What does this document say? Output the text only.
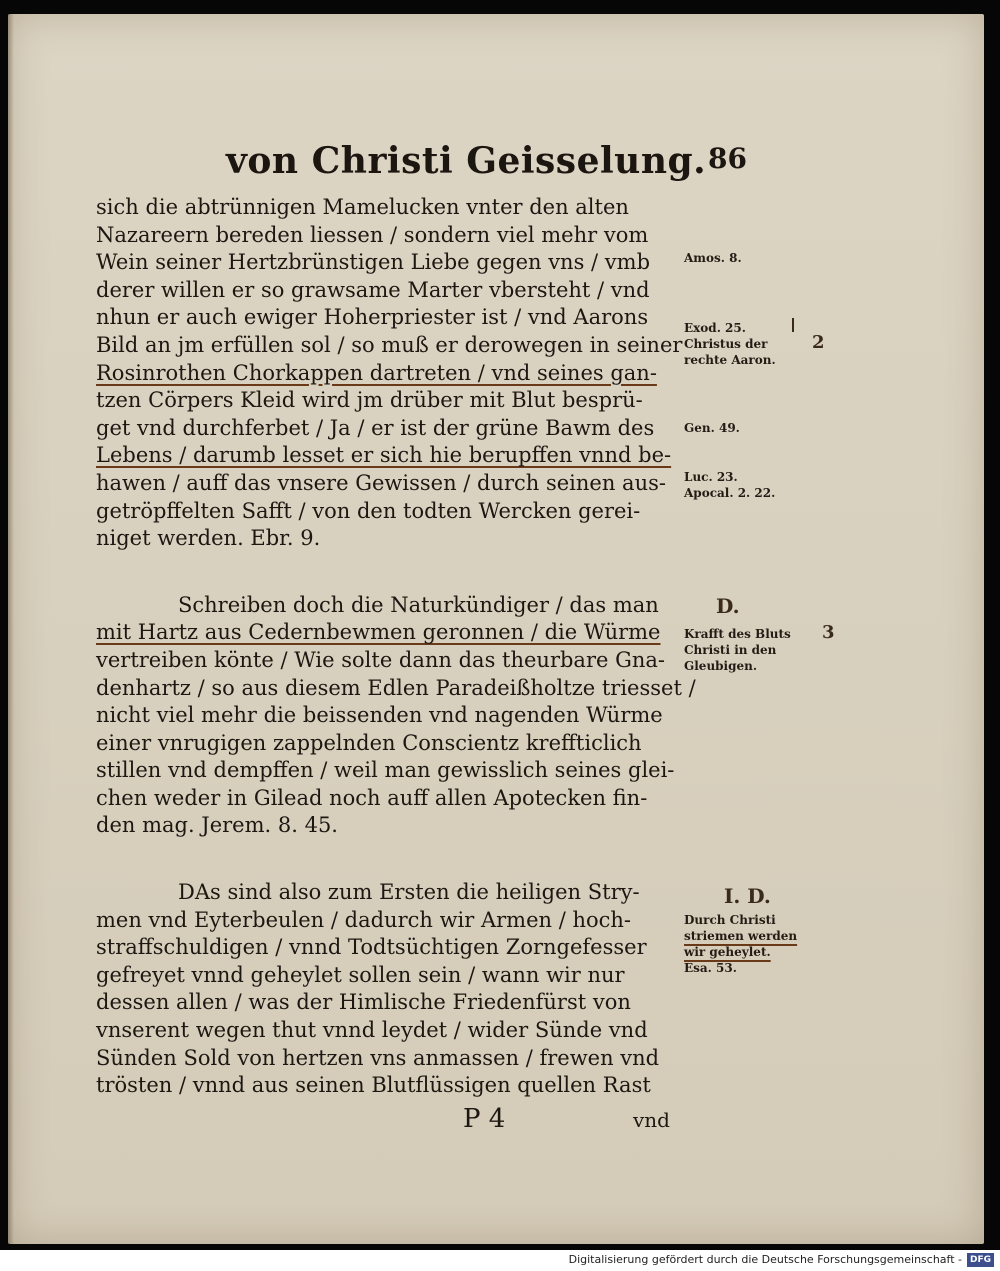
von Christi Geisselung. 86
sich die abtrünnigen Mamelucken vnter den alten
Nazareern bereden liessen / sondern viel mehr vom
Wein seiner Hertzbrünstigen Liebe gegen vns / vmb
derer willen er so grawsame Marter vbersteht / vnd
nhun er auch ewiger Hoherpriester ist / vnd Aarons
Bild an jm erfüllen sol / so muß er derowegen in seiner
Rosinrothen Chorkappen dartreten / vnd seines gan-
tzen Cörpers Kleid wird jm drüber mit Blut besprü-
get vnd durchferbet / Ja / er ist der grüne Bawm des
Lebens / darumb lesset er sich hie berupffen vnnd be-
hawen / auff das vnsere Gewissen / durch seinen aus-
getröpffelten Safft / von den todten Wercken gerei-
niget werden. Ebr. 9.
Schreiben doch die Naturkündiger / das man
mit Hartz aus Cedernbewmen geronnen / die Würme
vertreiben könte / Wie solte dann das theurbare Gna-
denhartz / so aus diesem Edlen Paradeißholtze triesset /
nicht viel mehr die beissenden vnd nagenden Würme
einer vnrugigen zappelnden Conscientz kreffticlich
stillen vnd dempffen / weil man gewisslich seines glei-
chen weder in Gilead noch auff allen Apotecken fin-
den mag. Jerem. 8. 45.
DAs sind also zum Ersten die heiligen Stry-
men vnd Eyterbeulen / dadurch wir Armen / hoch-
straffschuldigen / vnnd Todtsüchtigen Zorngefesser
gefreyet vnnd geheylet sollen sein / wann wir nur
dessen allen / was der Himlische Friedenfürst von
vnserent wegen thut vnnd leydet / wider Sünde vnd
Sünden Sold von hertzen vns anmassen / frewen vnd
trösten / vnnd aus seinen Blutflüssigen quellen Rast
P 4	vnd
Amos. 8.
Exod. 25.
Christus der
rechte Aaron.
2
Gen. 49.
Luc. 23.
Apocal. 2. 22.
D.
Krafft des Bluts
Christi in den
Gleubigen.
3
I. D.
Durch Christi
striemen werden
wir geheylet.
Esa. 53.
Digitalisierung gefördert durch die Deutsche Forschungsgemeinschaft - DFG
